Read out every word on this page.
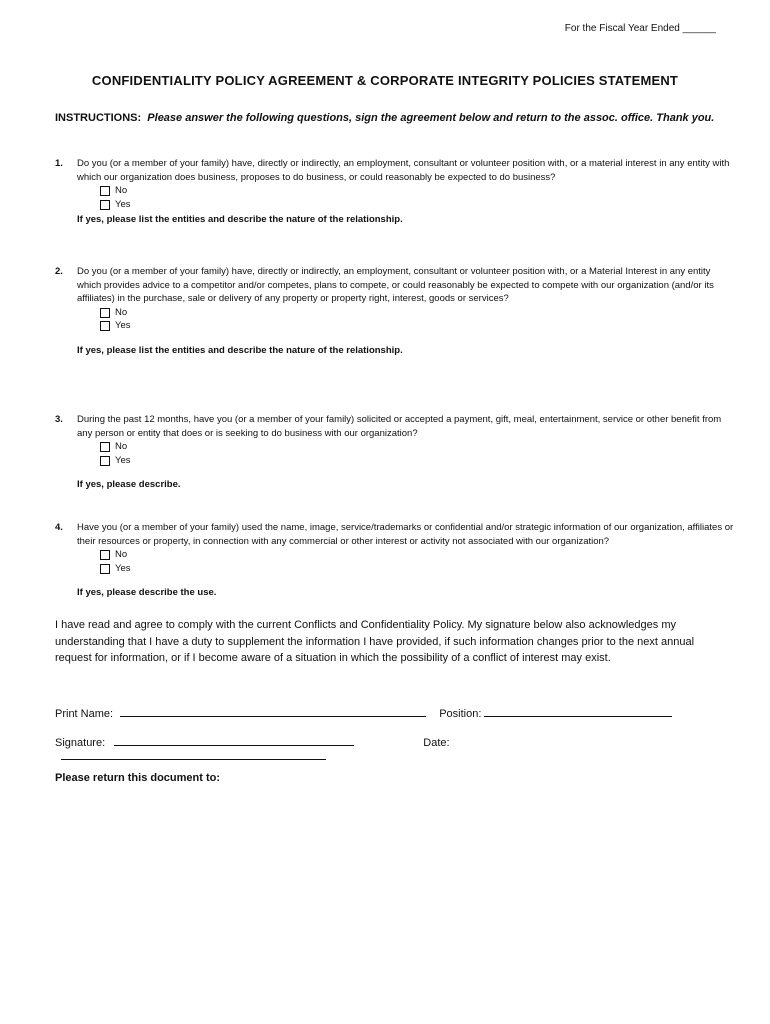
For the Fiscal Year Ended ______
CONFIDENTIALITY POLICY AGREEMENT & CORPORATE INTEGRITY POLICIES STATEMENT
INSTRUCTIONS: Please answer the following questions, sign the agreement below and return to the assoc. office. Thank you.
1. Do you (or a member of your family) have, directly or indirectly, an employment, consultant or volunteer position with, or a material interest in any entity with which our organization does business, proposes to do business, or could reasonably be expected to do business?
No
Yes
If yes, please list the entities and describe the nature of the relationship.
2. Do you (or a member of your family) have, directly or indirectly, an employment, consultant or volunteer position with, or a Material Interest in any entity which provides advice to a competitor and/or competes, plans to compete, or could reasonably be expected to compete with our organization (and/or its affiliates) in the purchase, sale or delivery of any property or property right, interest, goods or services?
No
Yes
If yes, please list the entities and describe the nature of the relationship.
3. During the past 12 months, have you (or a member of your family) solicited or accepted a payment, gift, meal, entertainment, service or other benefit from any person or entity that does or is seeking to do business with our organization?
No
Yes
If yes, please describe.
4. Have you (or a member of your family) used the name, image, service/trademarks or confidential and/or strategic information of our organization, affiliates or their resources or property, in connection with any commercial or other interest or activity not associated with our organization?
No
Yes
If yes, please describe the use.
I have read and agree to comply with the current Conflicts and Confidentiality Policy. My signature below also acknowledges my understanding that I have a duty to supplement the information I have provided, if such information changes prior to the next annual request for information, or if I become aware of a situation in which the possibility of a conflict of interest may exist.
Print Name:	Position:
Signature:	Date:
Please return this document to:
